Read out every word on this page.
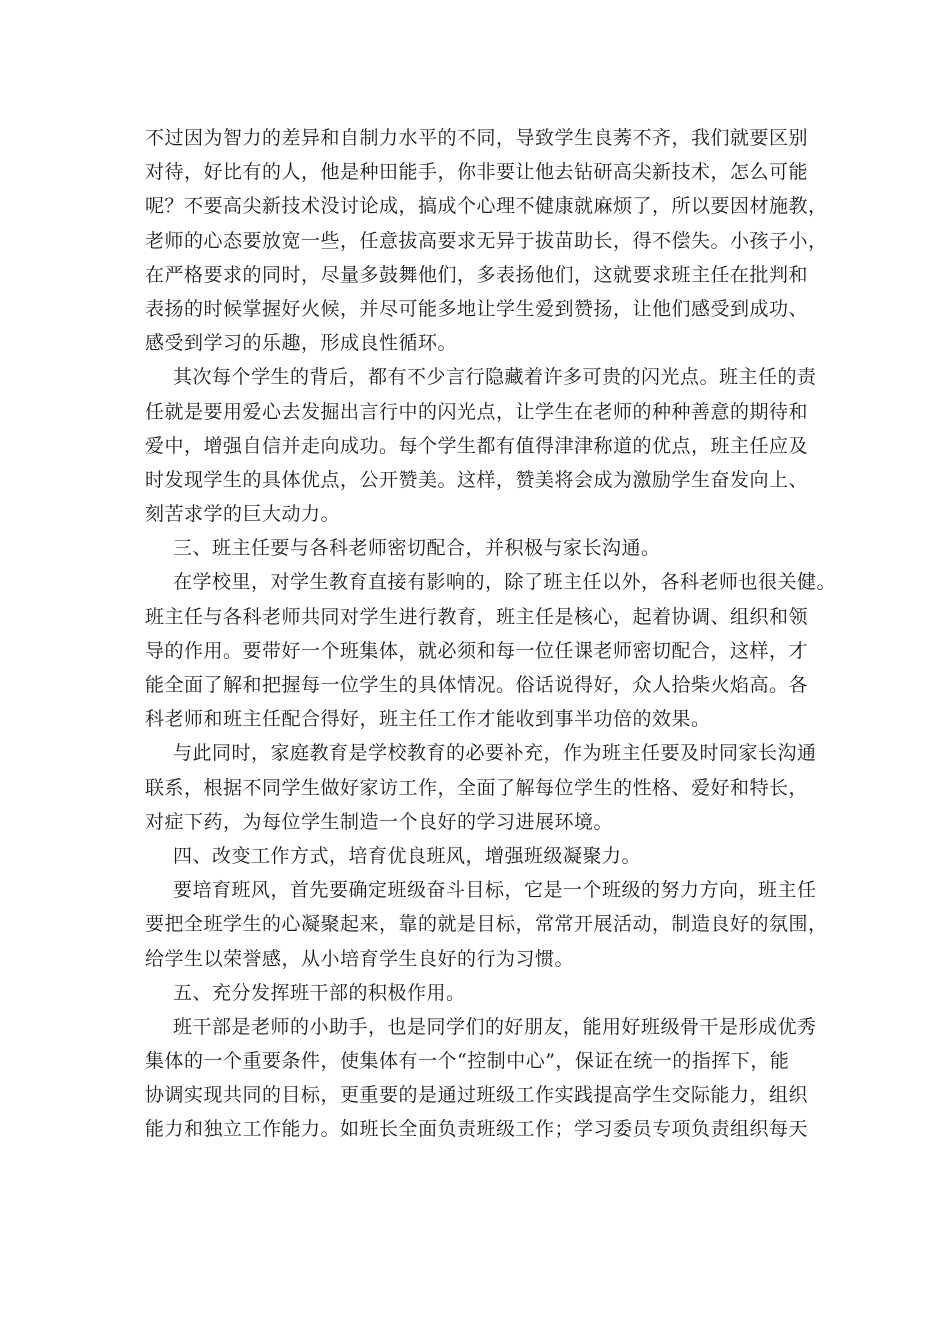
不过因为智力的差异和自制力水平的不同，导致学生良莠不齐，我们就要区别
对待，好比有的人，他是种田能手，你非要让他去钻研高尖新技术，怎么可能
呢？不要高尖新技术没讨论成，搞成个心理不健康就麻烦了，所以要因材施教，
老师的心态要放宽一些，任意拔高要求无异于拔苗助长，得不偿失。小孩子小，
在严格要求的同时，尽量多鼓舞他们，多表扬他们，这就要求班主任在批判和
表扬的时候掌握好火候，并尽可能多地让学生爱到赞扬，让他们感受到成功、
感受到学习的乐趣，形成良性循环。
其次每个学生的背后，都有不少言行隐藏着许多可贵的闪光点。班主任的责
任就是要用爱心去发掘出言行中的闪光点，让学生在老师的种种善意的期待和
爱中，增强自信并走向成功。每个学生都有值得津津称道的优点，班主任应及
时发现学生的具体优点，公开赞美。这样，赞美将会成为激励学生奋发向上、
刻苦求学的巨大动力。
三、班主任要与各科老师密切配合，并积极与家长沟通。
在学校里，对学生教育直接有影响的，除了班主任以外，各科老师也很关健。
班主任与各科老师共同对学生进行教育，班主任是核心，起着协调、组织和领
导的作用。要带好一个班集体，就必须和每一位任课老师密切配合，这样，才
能全面了解和把握每一位学生的具体情况。俗话说得好，众人拾柴火焰高。各
科老师和班主任配合得好，班主任工作才能收到事半功倍的效果。
与此同时，家庭教育是学校教育的必要补充，作为班主任要及时同家长沟通
联系，根据不同学生做好家访工作，全面了解每位学生的性格、爱好和特长，
对症下药，为每位学生制造一个良好的学习进展环境。
四、改变工作方式，培育优良班风，增强班级凝聚力。
要培育班风，首先要确定班级奋斗目标，它是一个班级的努力方向，班主任
要把全班学生的心凝聚起来，靠的就是目标，常常开展活动，制造良好的氛围，
给学生以荣誉感，从小培育学生良好的行为习惯。
五、充分发挥班干部的积极作用。
班干部是老师的小助手，也是同学们的好朋友，能用好班级骨干是形成优秀
集体的一个重要条件，使集体有一个“控制中心”，保证在统一的指挥下，能
协调实现共同的目标，更重要的是通过班级工作实践提高学生交际能力，组织
能力和独立工作能力。如班长全面负责班级工作；学习委员专项负责组织每天
